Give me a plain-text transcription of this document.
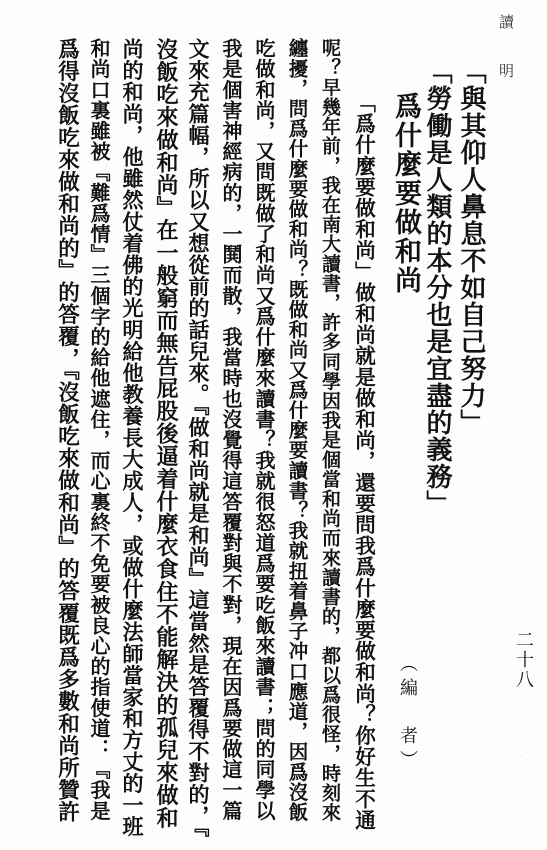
讀 明
二十八
「與其仰人鼻息不如自己努力」
「勞働是人類的本分也是宜盡的義務」
爲什麼要做和尚
（編　者）
「爲什麼要做和尚」做和尚就是做和尚，還要問我爲什麼要做和尚？你好生不通
呢？早幾年前，我在南大讀書，許多同學因我是個當和尚而來讀書的，都以爲很怪，時刻來
纏擾，問爲什麼要做和尚？既做和尚又爲什麼要讀書？我就扭着鼻子冲口應道，因爲沒飯
吃做和尚，又問既做了和尚又爲什麼來讀書？我就很怒道爲要吃飯來讀書；問的同學以
我是個害神經病的，一鬨而散，我當時也沒覺得這答覆對與不對，現在因爲要做這一篇
文來充篇幅，所以又想從前的話兒來。『做和尚就是和尚』這當然是答覆得不對的，『
沒飯吃來做和尚』在一般窮而無告屁股後逼着什麼衣食住不能解決的孤兒來做和
尚的和尚，他雖然仗着佛的光明給他教養長大成人，或做什麼法師當家和方丈的一班
和尚口裏雖被『難爲情』三個字的給他遮住，而心裏終不免要被良心的指使道：『我是
爲得沒飯吃來做和尚的』的答覆，『沒飯吃來做和尚』的答覆既爲多數和尚所贊許
